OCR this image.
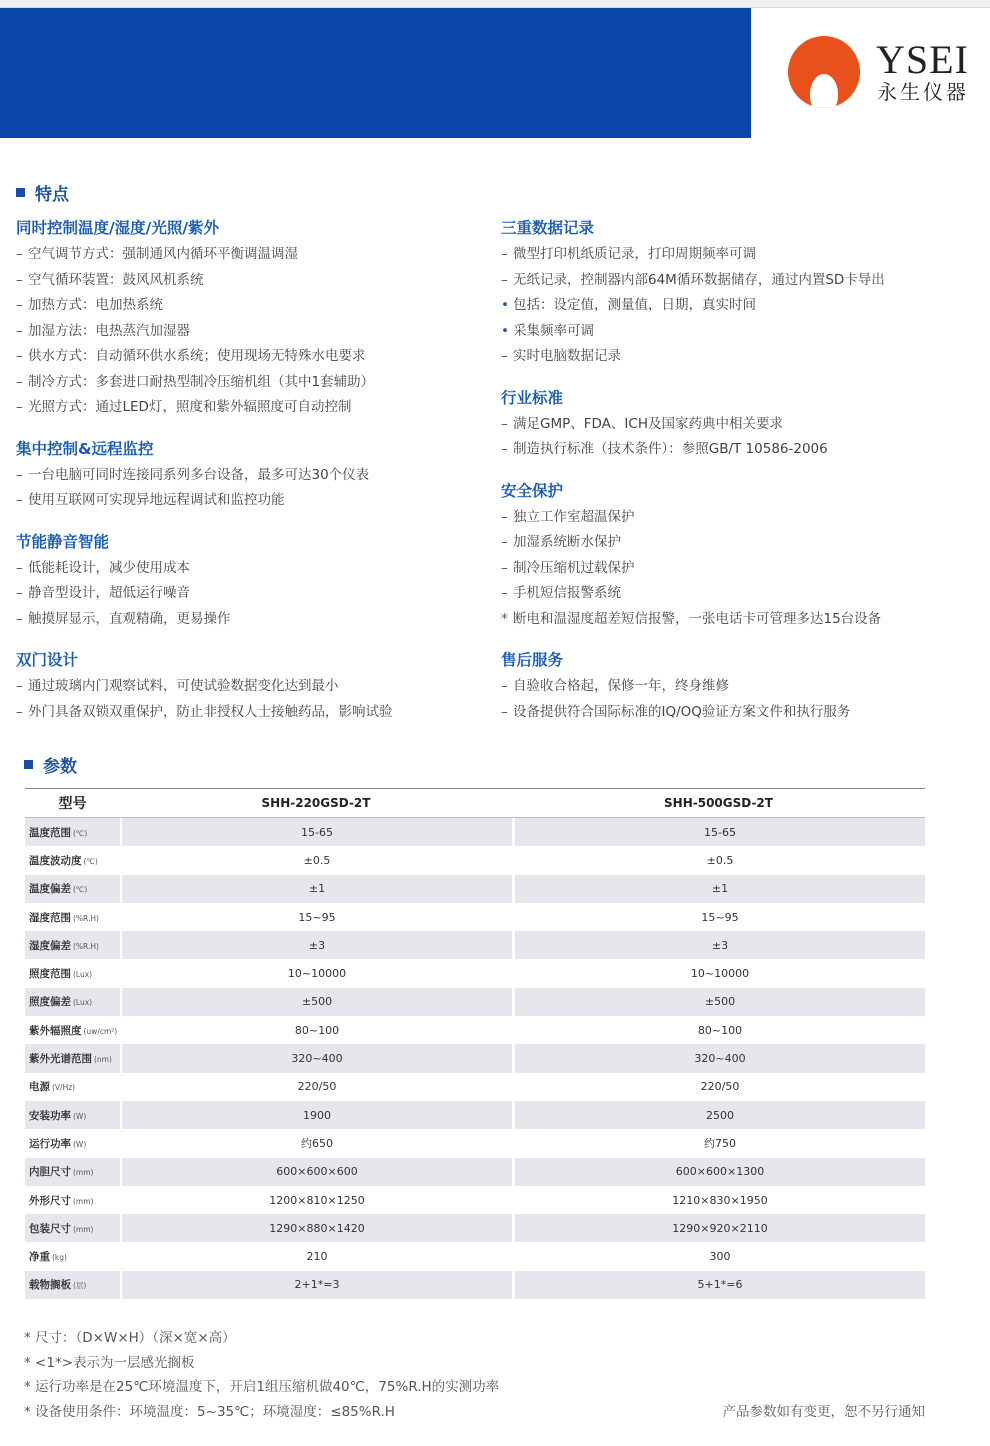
YSEI
永生仪器
特点
同时控制温度/湿度/光照/紫外
– 空气调节方式：强制通风内循环平衡调温调湿
– 空气循环装置：鼓风风机系统
– 加热方式：电加热系统
– 加湿方法：电热蒸汽加湿器
– 供水方式：自动循环供水系统；使用现场无特殊水电要求
– 制冷方式：多套进口耐热型制冷压缩机组（其中1套辅助）
– 光照方式：通过LED灯，照度和紫外辐照度可自动控制
集中控制&远程监控
– 一台电脑可同时连接同系列多台设备，最多可达30个仪表
– 使用互联网可实现异地远程调试和监控功能
节能静音智能
– 低能耗设计，减少使用成本
– 静音型设计，超低运行噪音
– 触摸屏显示，直观精确，更易操作
双门设计
– 通过玻璃内门观察试料，可使试验数据变化达到最小
– 外门具备双锁双重保护，防止非授权人士接触药品，影响试验
三重数据记录
– 微型打印机纸质记录，打印周期频率可调
– 无纸记录，控制器内部64M循环数据储存，通过内置SD卡导出
• 包括：设定值，测量值，日期，真实时间
• 采集频率可调
– 实时电脑数据记录
行业标准
– 满足GMP、FDA、ICH及国家药典中相关要求
– 制造执行标准（技术条件）：参照GB/T 10586-2006
安全保护
– 独立工作室超温保护
– 加湿系统断水保护
– 制冷压缩机过载保护
– 手机短信报警系统
* 断电和温湿度超差短信报警，一张电话卡可管理多达15台设备
售后服务
– 自验收合格起，保修一年，终身维修
– 设备提供符合国际标准的IQ/OQ验证方案文件和执行服务
参数
型号	SHH-220GSD-2T	SHH-500GSD-2T
温度范围 (℃)	15-65	15-65
温度波动度 (℃)	±0.5	±0.5
温度偏差 (℃)	±1	±1
湿度范围 (%R.H)	15~95	15~95
湿度偏差 (%R.H)	±3	±3
照度范围 (Lux)	10~10000	10~10000
照度偏差 (Lux)	±500	±500
紫外辐照度 (uw/cm²)	80~100	80~100
紫外光谱范围 (nm)	320~400	320~400
电源 (V/Hz)	220/50	220/50
安装功率 (W)	1900	2500
运行功率 (W)	约650	约750
内胆尺寸 (mm)	600×600×600	600×600×1300
外形尺寸 (mm)	1200×810×1250	1210×830×1950
包装尺寸 (mm)	1290×880×1420	1290×920×2110
净重 (kg)	210	300
载物搁板 (层)	2+1*=3	5+1*=6
* 尺寸：（D×W×H）（深×宽×高）
* <1*>表示为一层感光搁板
* 运行功率是在25℃环境温度下，开启1组压缩机做40℃，75%R.H的实测功率
* 设备使用条件：环境温度：5~35℃；环境湿度：≤85%R.H	产品参数如有变更，恕不另行通知
